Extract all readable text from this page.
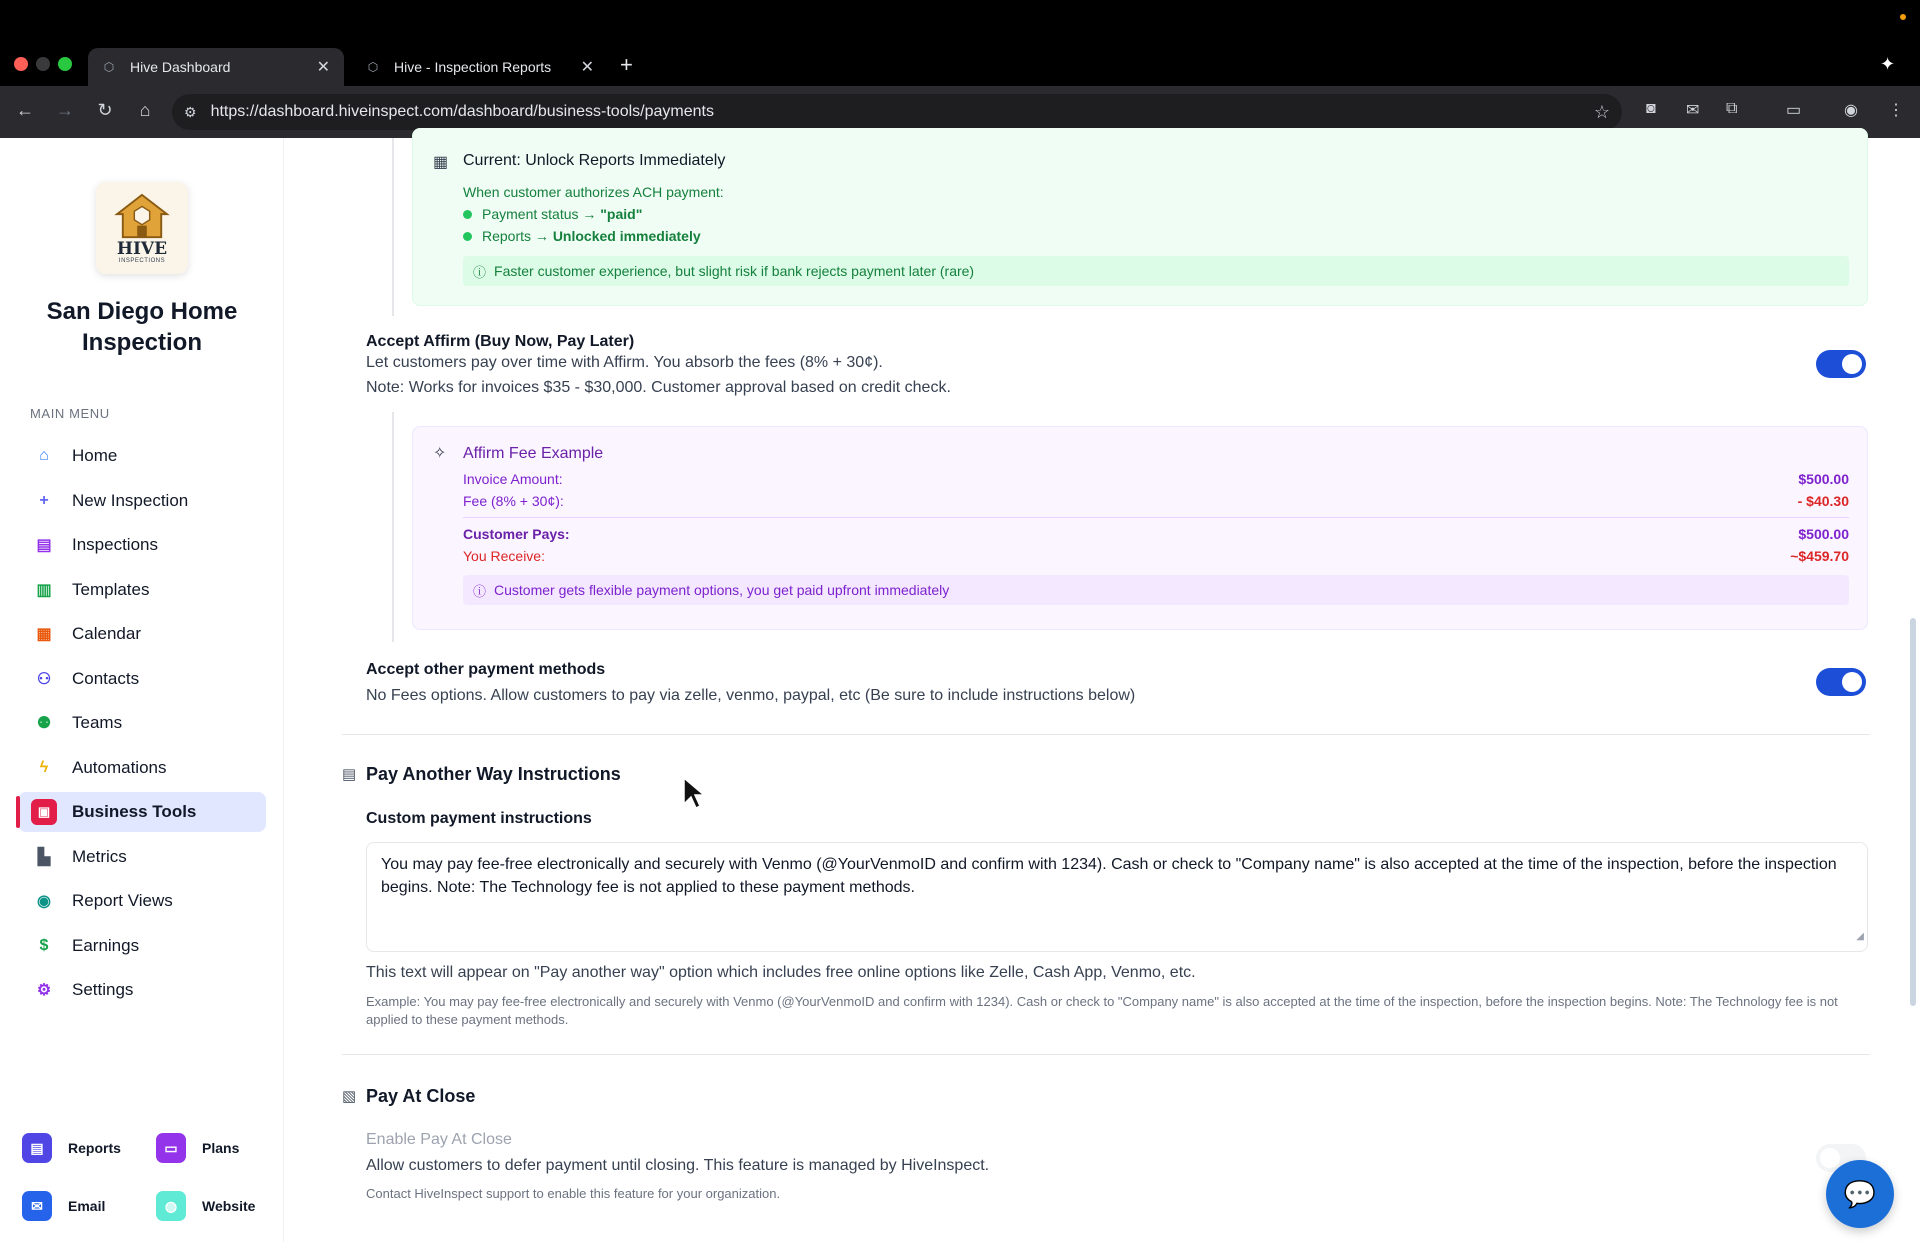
⬡ Hive Dashboard	✕	⬡ Hive - Inspection Reports ✕ +	✦
← → ↻	⌂	⚙ https://dashboard.hiveinspect.com/dashboard/business-tools/payments	☆ ◙ ✉ ⧉	▭	◉ ⋮
HIVE
INSPECTIONS
San Diego Home Inspection
MAIN MENU
⌂	Home
+	New Inspection
▤ Inspections
▥ Templates
▦ Calendar
⚇ Contacts
⚉ Teams
ϟ	Automations
▣	Business Tools
▙ Metrics
◉ Report Views
$	Earnings
⚙ Settings
▤	Reports	▭	Plans
✉	Email	◍	Website
▦ Current: Unlock Reports Immediately
When customer authorizes ACH payment:
Payment status →
"paid"
Reports →
Unlocked immediately
ⓘ Faster customer experience, but slight risk if bank rejects payment later (rare)
Accept Affirm (Buy Now, Pay Later)
Let customers pay over time with Affirm. You absorb the fees (8% + 30¢).
Note: Works for invoices $35 - $30,000. Customer approval based on credit check.
✧ Affirm Fee Example
Invoice Amount:	$500.00
Fee (8% + 30¢):	- $40.30
Customer Pays:	$500.00
You Receive:	~$459.70
ⓘ Customer gets flexible payment options, you get paid upfront immediately
Accept other payment methods
No Fees options. Allow customers to pay via zelle, venmo, paypal, etc (Be sure to include instructions below)
▤ Pay Another Way Instructions
Custom payment instructions
You may pay fee-free electronically and securely with Venmo (@YourVenmoID and confirm with 1234). Cash or check to "Company name" is also accepted at the time of the inspection, before the inspection begins. Note: The Technology fee is not applied to these payment methods.
◢
This text will appear on "Pay another way" option which includes free online options like Zelle, Cash App, Venmo, etc.
Example: You may pay fee-free electronically and securely with Venmo (@YourVenmoID and confirm with 1234). Cash or check to "Company name" is also accepted at the time of the inspection, before the inspection begins. Note: The Technology fee is not applied to these payment methods.
▧ Pay At Close
Enable Pay At Close
Allow customers to defer payment until closing. This feature is managed by HiveInspect.
Contact HiveInspect support to enable this feature for your organization.	💬
